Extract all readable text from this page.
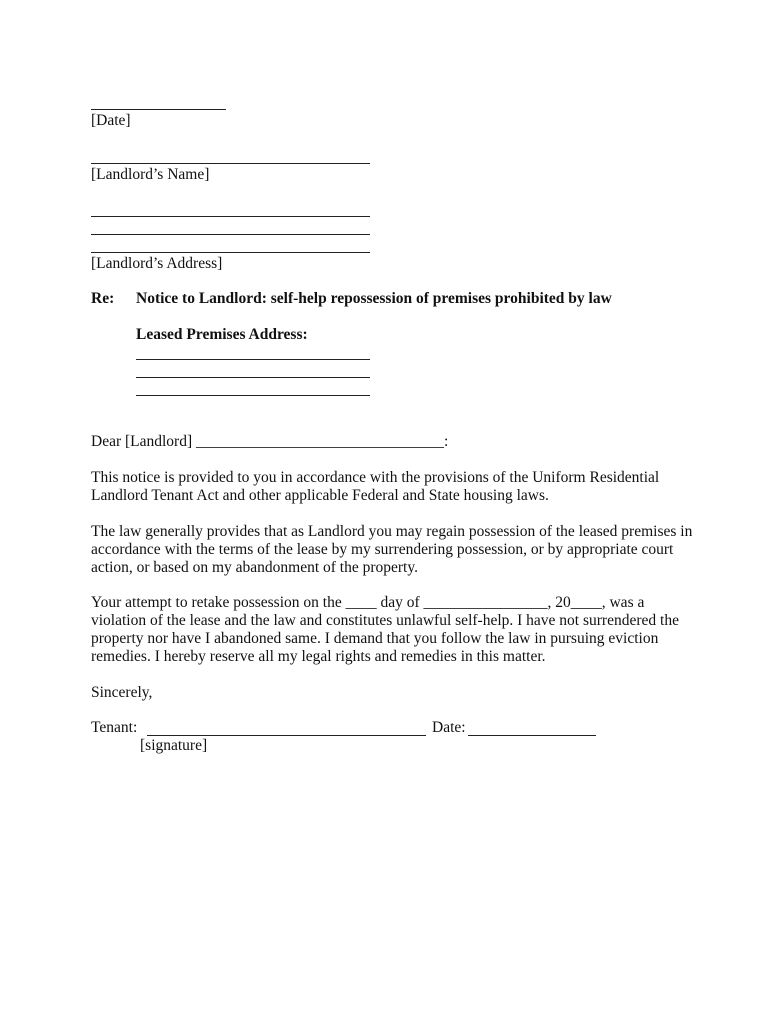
[Date]
[Landlord’s Name]
[Landlord’s Address]
Re: Notice to Landlord: self-help repossession of premises prohibited by law
Leased Premises Address:
Dear [Landlord] ________________________________:
This notice is provided to you in accordance with the provisions of the Uniform Residential
Landlord Tenant Act and other applicable Federal and State housing laws.
The law generally provides that as Landlord you may regain possession of the leased premises in
accordance with the terms of the lease by my surrendering possession, or by appropriate court
action, or based on my abandonment of the property.
Your attempt to retake possession on the ____ day of ________________, 20____, was a
violation of the lease and the law and constitutes unlawful self-help. I have not surrendered the
property nor have I abandoned same. I demand that you follow the law in pursuing eviction
remedies. I hereby reserve all my legal rights and remedies in this matter.
Sincerely,
Tenant:	Date:
[signature]
